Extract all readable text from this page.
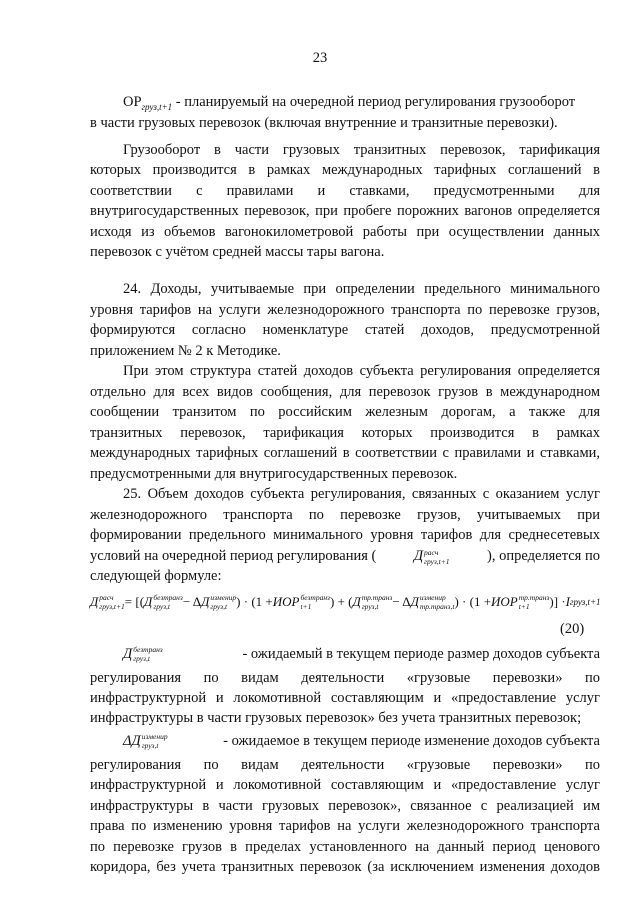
23
$ОР_{груз,t+1}$ - планируемый на очередной период регулирования грузооборот
в части грузовых перевозок (включая внутренние и транзитные перевозки).
Грузооборот в части грузовых транзитных перевозок, тарификация
которых производится в рамках международных тарифных соглашений в
соответствии с правилами и ставками, предусмотренными для
внутригосударственных перевозок, при пробеге порожних вагонов определяется
исходя из объемов вагонокилометровой работы при осуществлении данных
перевозок с учётом средней массы тары вагона.
24. Доходы, учитываемые при определении предельного минимального
уровня тарифов на услуги железнодорожного транспорта по перевозке грузов,
формируются согласно номенклатуре статей доходов, предусмотренной
приложением № 2 к Методике.
При этом структура статей доходов субъекта регулирования определяется
отдельно для всех видов сообщения, для перевозок грузов в международном
сообщении транзитом по российским железным дорогам, а также для
транзитных перевозок, тарификация которых производится в рамках
международных тарифных соглашений в соответствии с правилами и ставками,
предусмотренными для внутригосударственных перевозок.
25. Объем доходов субъекта регулирования, связанных с оказанием услуг
железнодорожного транспорта по перевозке грузов, учитываемых при
формировании предельного минимального уровня тарифов для среднесетевых
условий на очередной период регулирования (	Д расч
груз,t+1	), определяется по
следующей формуле:
Д расч
груз,t+1 = [( Д безтранз
груз,t − Δ Д изменир
груз,t ) · (1 + ИОР безтранз
t+1	) + ( Д тр.транз
груз,t	− Δ Д изменир
тр.транз,t ) · (1 + ИОР тр.транз
t+1	)] · I груз,t+1
(20)
Д безтранз
груз,t	- ожидаемый в текущем периоде размер доходов субъекта
регулирования по видам деятельности «грузовые перевозки» по
инфраструктурной и локомотивной составляющим и «предоставление услуг
инфраструктуры в части грузовых перевозок» без учета транзитных перевозок;
ΔД изменир
груз,t	- ожидаемое в текущем периоде изменение доходов субъекта
регулирования по видам деятельности «грузовые перевозки» по
инфраструктурной и локомотивной составляющим и «предоставление услуг
инфраструктуры в части грузовых перевозок», связанное с реализацией им
права по изменению уровня тарифов на услуги железнодорожного транспорта
по перевозке грузов в пределах установленного на данный период ценового
коридора, без учета транзитных перевозок (за исключением изменения доходов
